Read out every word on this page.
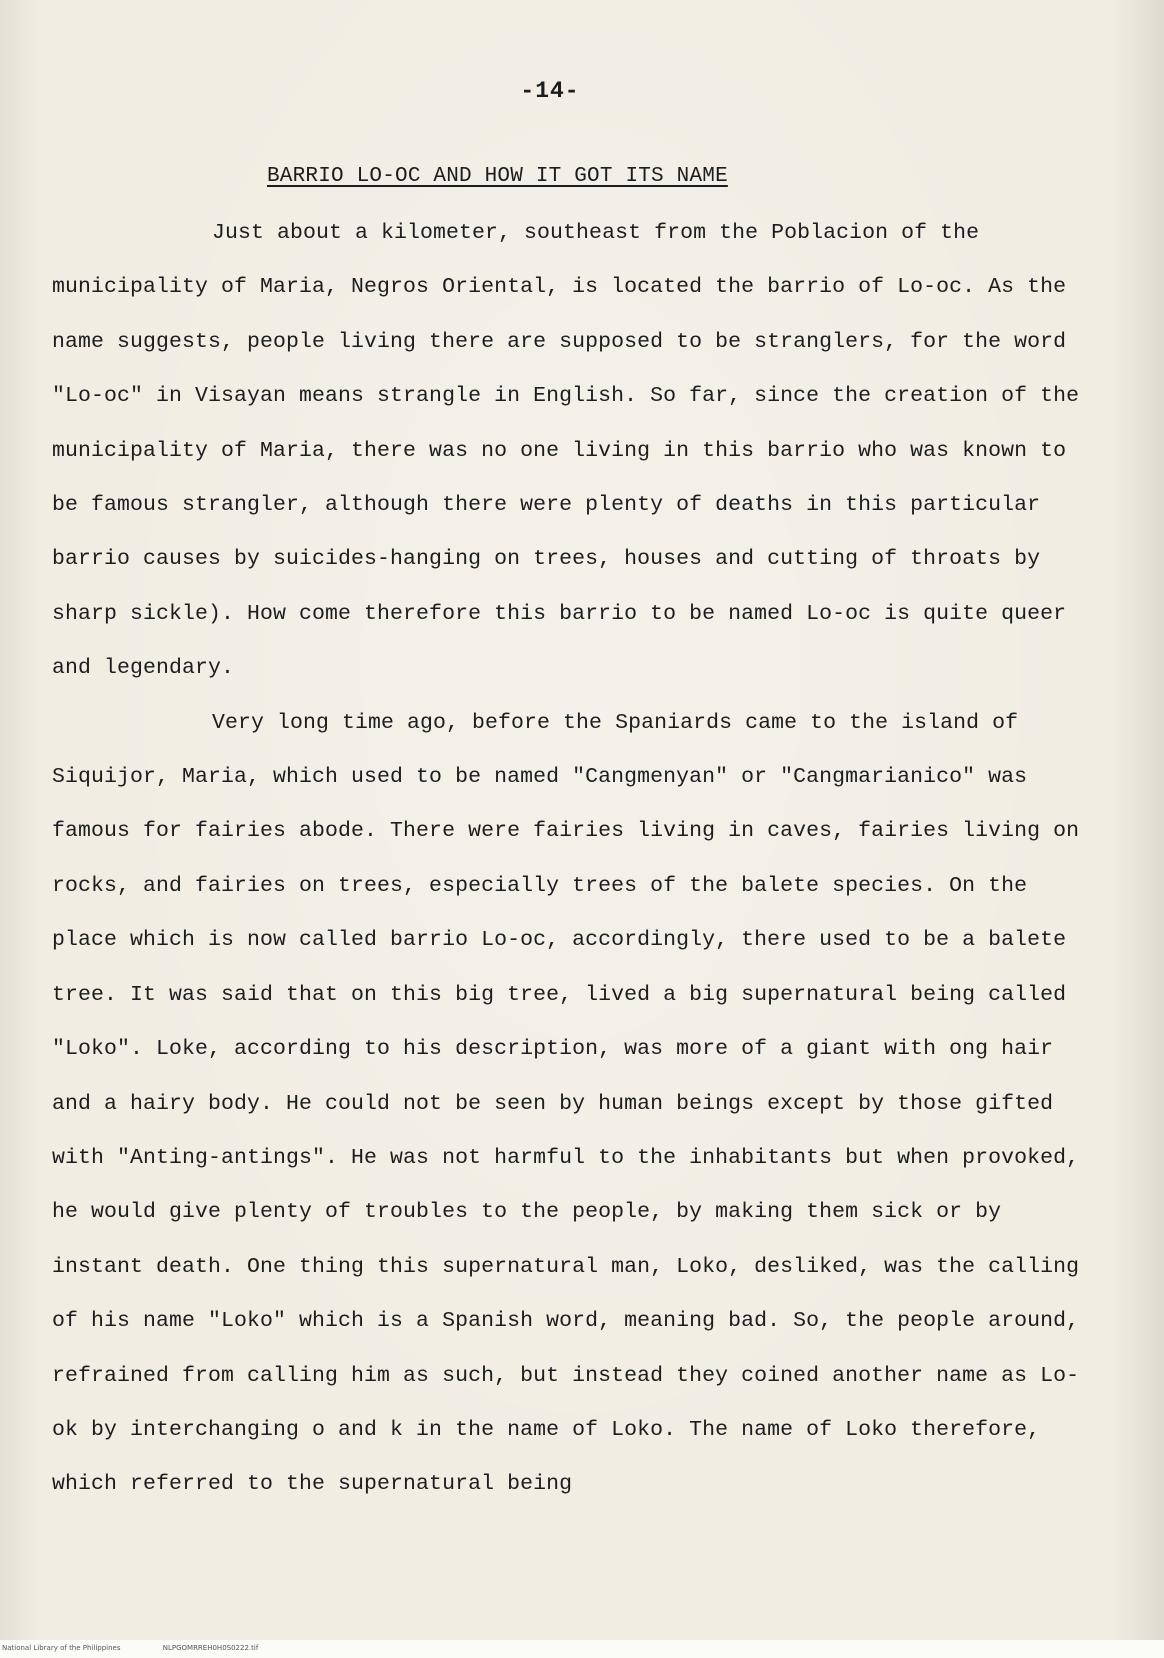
-14-
BARRIO LO-OC AND HOW IT GOT ITS NAME

Just about a kilometer, southeast from the Poblacion of the municipality of Maria, Negros Oriental, is located the barrio of Lo-oc. As the name suggests, people living there are supposed to be stranglers, for the word "Lo-oc" in Visayan means strangle in English. So far, since the creation of the municipality of Maria, there was no one living in this barrio who was known to be famous strangler, although there were plenty of deaths in this particular barrio causes by suicides-hanging on trees, houses and cutting of throats by sharp sickle). How come therefore this barrio to be named Lo-oc is quite queer and legendary.

Very long time ago, before the Spaniards came to the island of Siquijor, Maria, which used to be named "Cangmenyan" or "Cangmarianico" was famous for fairies abode. There were fairies living in caves, fairies living on rocks, and fairies on trees, especially trees of the balete species. On the place which is now called barrio Lo-oc, accordingly, there used to be a balete tree. It was said that on this big tree, lived a big supernatural being called "Loko". Loke, according to his description, was more of a giant with ong hair and a hairy body. He could not be seen by human beings except by those gifted with "Anting-antings". He was not harmful to the inhabitants but when provoked, he would give plenty of troubles to the people, by making them sick or by instant death. One thing this supernatural man, Loko, desliked, was the calling of his name "Loko" which is a Spanish word, meaning bad. So, the people around, refrained from calling him as such, but instead they coined another name as Lo-ok by interchanging o and k in the name of Loko. The name of Loko therefore, which referred to the supernatural being

National Library of the Philippines	NLPGOMRREH0H0S0222.tif
